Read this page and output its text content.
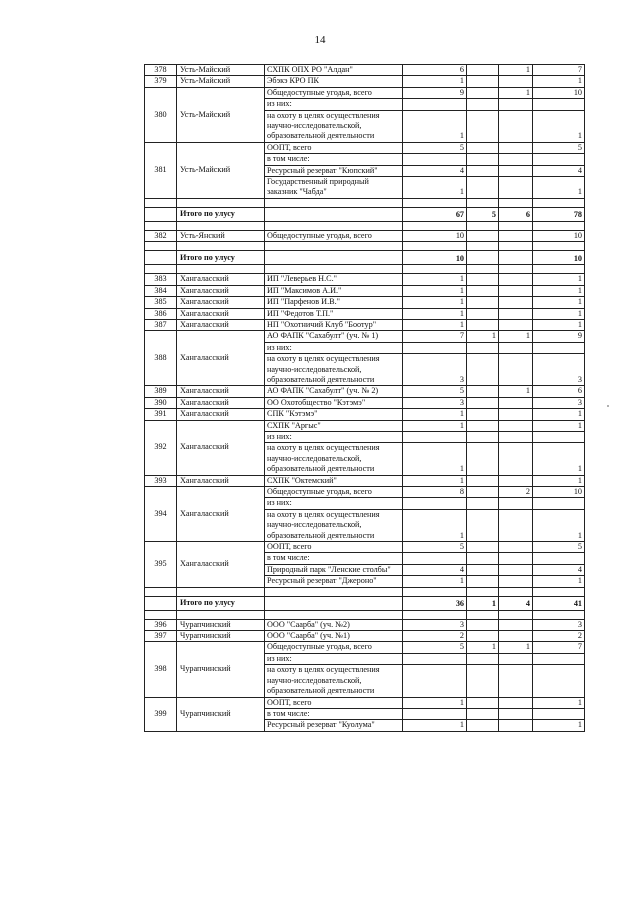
14
378	Усть-Майский	СХПК ОПХ РО "Алдан"	6		1	7
379	Усть-Майский	Эбэкэ КРО ПК	1			1
380	Усть-Майский	Общедоступные угодья, всего	9		1	10
		из них:				
		на охоту в целях осуществления научно-исследовательской, образовательной деятельности	1			1
381	Усть-Майский	ООПТ, всего	5			5
		в том числе:				
		Ресурсный резерват "Кюпский"	4			4
		Государственный природный заказник "Чабда"	1			1

	Итого по улусу		67	5	6	78

382	Усть-Янский	Общедоступные угодья, всего	10			10

	Итого по улусу		10			10

383	Хангаласский	ИП "Леверьев Н.С."	1			1
384	Хангаласский	ИП "Максимов А.И."	1			1
385	Хангаласский	ИП "Парфенов И.В."	1			1
386	Хангаласский	ИП "Федотов Т.П."	1			1
387	Хангаласский	НП "Охотничий Клуб "Боотур"	1			1
388	Хангаласский	АО ФАПК "Сахабулт" (уч. № 1)	7	1	1	9
		из них:				
		на охоту в целях осуществления научно-исследовательской, образовательной деятельности	3			3
389	Хангаласский	АО ФАПК "Сахабулт" (уч. № 2)	5		1	6
390	Хангаласский	ОО Охотобщество "Кэтэмэ"	3			3
391	Хангаласский	СПК "Кэтэмэ"	1			1
392	Хангаласский	СХПК "Аргыс"	1			1
		из них:				
		на охоту в целях осуществления научно-исследовательской, образовательной деятельности	1			1
393	Хангаласский	СХПК "Октемский"	1			1
394	Хангаласский	Общедоступные угодья, всего	8		2	10
		из них:				
		на охоту в целях осуществления научно-исследовательской, образовательной деятельности	1			1
395	Хангаласский	ООПТ, всего	5			5
		в том числе:				
		Природный парк "Ленские столбы"	4			4
		Ресурсный резерват "Джероно"	1			1

	Итого по улусу		36	1	4	41

396	Чурапчинский	ООО "Саарба" (уч. №2)	3			3
397	Чурапчинский	ООО "Саарба" (уч. №1)	2			2
398	Чурапчинский	Общедоступные угодья, всего	5	1	1	7
		из них:				
		на охоту в целях осуществления научно-исследовательской, образовательной деятельности				
399	Чурапчинский	ООПТ, всего	1			1
		в том числе:				
		Ресурсный резерват "Куолума"	1			1
